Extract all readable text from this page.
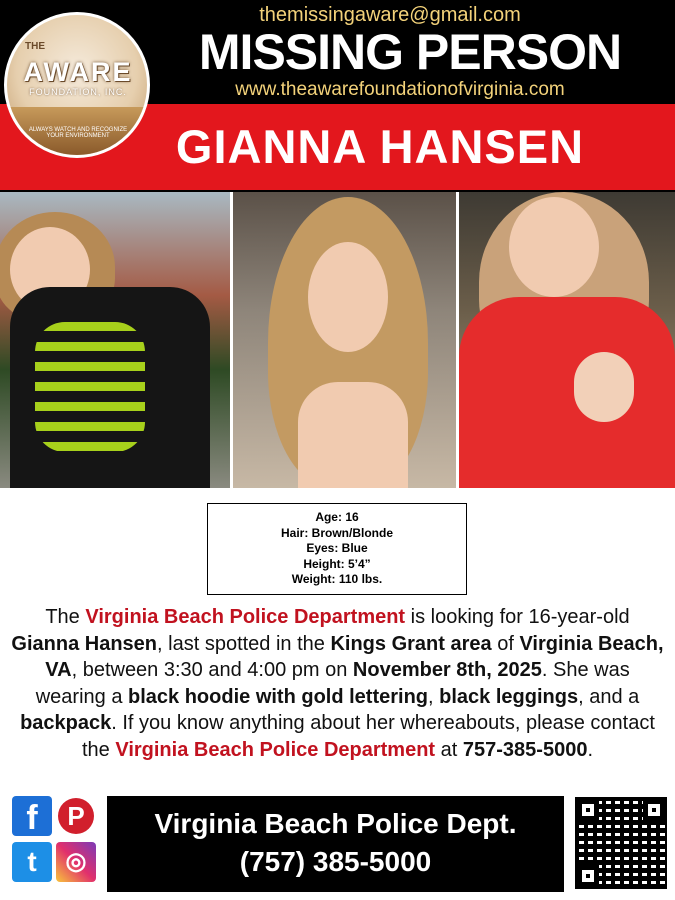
themissingaware@gmail.com
MISSING PERSON
www.theawarefoundationofvirginia.com
GIANNA HANSEN
THE
AWARE
FOUNDATION, INC.
ALWAYS WATCH AND RECOGNIZE YOUR ENVIRONMENT
Age: 16
Hair: Brown/Blonde
Eyes: Blue
Height: 5’4”
Weight: 110 lbs.
The Virginia Beach Police Department is looking for 16-year-old Gianna Hansen, last spotted in the Kings Grant area of Virginia Beach, VA, between 3:30 and 4:00 pm on November 8th, 2025. She was wearing a black hoodie with gold lettering, black leggings, and a backpack. If you know anything about her whereabouts, please contact the Virginia Beach Police Department at 757-385-5000.
f	P
t	◎
Virginia Beach Police Dept.
(757) 385-5000
